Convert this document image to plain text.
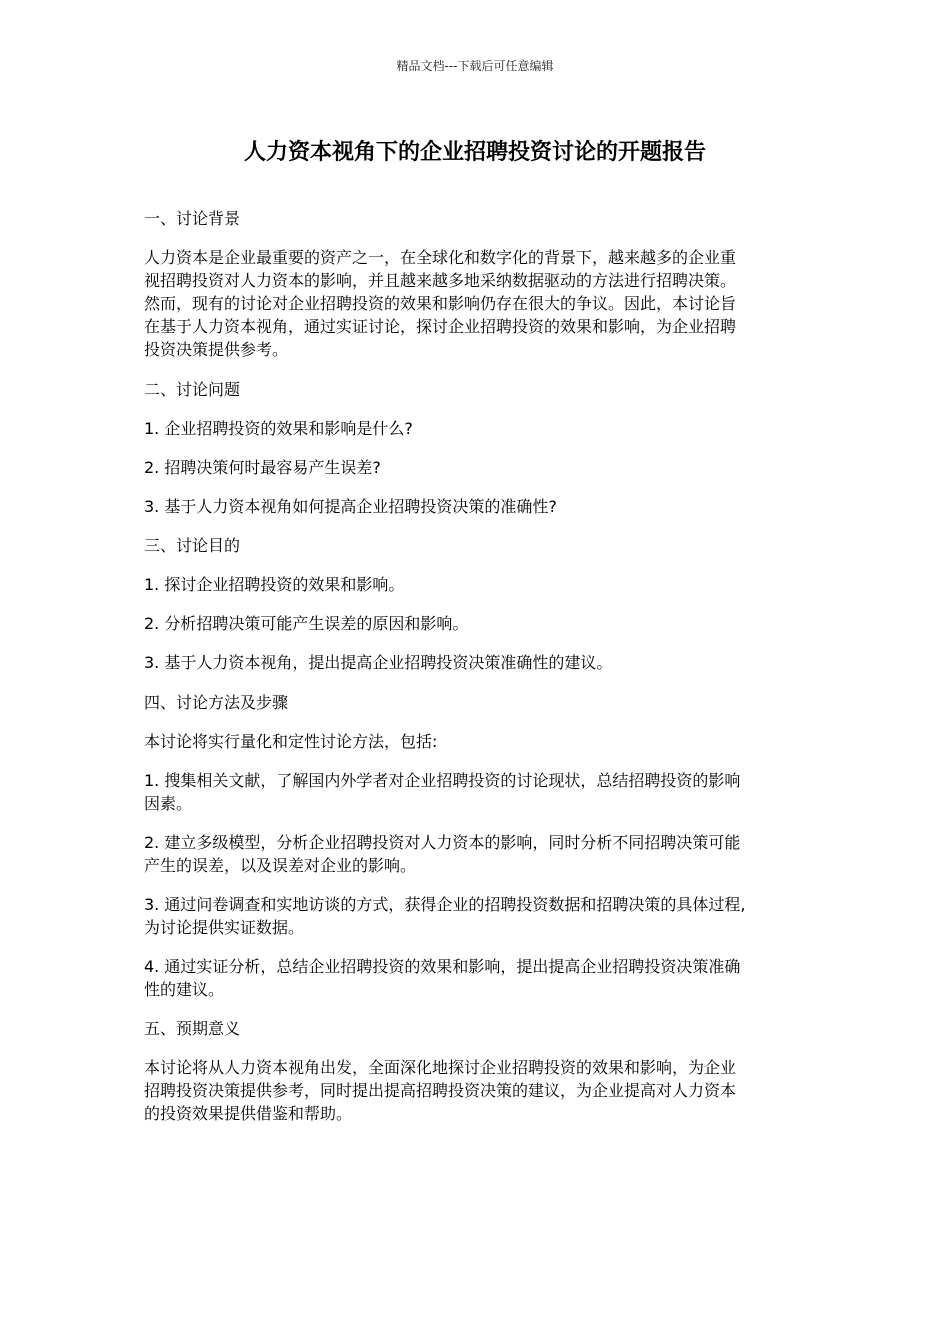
精品文档---下载后可任意编辑
人力资本视角下的企业招聘投资讨论的开题报告

一、讨论背景

人力资本是企业最重要的资产之一，在全球化和数字化的背景下，越来越多的企业重

视招聘投资对人力资本的影响，并且越来越多地采纳数据驱动的方法进行招聘决策。

然而，现有的讨论对企业招聘投资的效果和影响仍存在很大的争议。因此，本讨论旨

在基于人力资本视角，通过实证讨论，探讨企业招聘投资的效果和影响，为企业招聘

投资决策提供参考。

二、讨论问题

1. 企业招聘投资的效果和影响是什么?

2. 招聘决策何时最容易产生误差?

3. 基于人力资本视角如何提高企业招聘投资决策的准确性?

三、讨论目的

1. 探讨企业招聘投资的效果和影响。

2. 分析招聘决策可能产生误差的原因和影响。

3. 基于人力资本视角，提出提高企业招聘投资决策准确性的建议。

四、讨论方法及步骤

本讨论将实行量化和定性讨论方法，包括:

1. 搜集相关文献，了解国内外学者对企业招聘投资的讨论现状，总结招聘投资的影响

因素。

2. 建立多级模型，分析企业招聘投资对人力资本的影响，同时分析不同招聘决策可能

产生的误差，以及误差对企业的影响。

3. 通过问卷调查和实地访谈的方式，获得企业的招聘投资数据和招聘决策的具体过程,

为讨论提供实证数据。

4. 通过实证分析，总结企业招聘投资的效果和影响，提出提高企业招聘投资决策准确

性的建议。

五、预期意义

本讨论将从人力资本视角出发，全面深化地探讨企业招聘投资的效果和影响，为企业

招聘投资决策提供参考，同时提出提高招聘投资决策的建议，为企业提高对人力资本

的投资效果提供借鉴和帮助。
